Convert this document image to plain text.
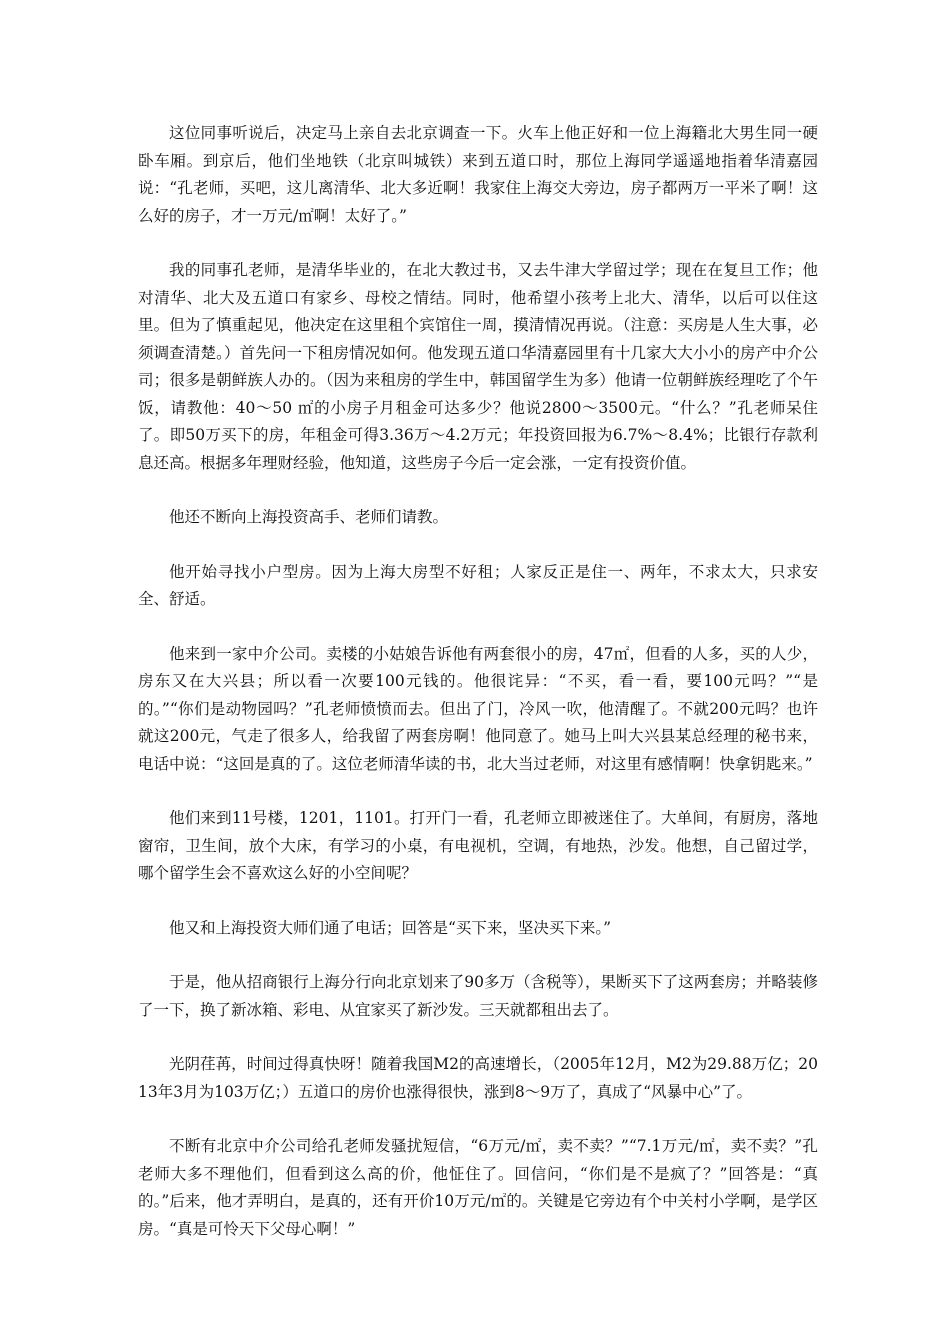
这位同事听说后，决定马上亲自去北京调查一下。火车上他正好和一位上海籍北大男生同一硬卧车厢。到京后，他们坐地铁（北京叫城铁）来到五道口时，那位上海同学遥遥地指着华清嘉园说：“孔老师，买吧，这儿离清华、北大多近啊！我家住上海交大旁边，房子都两万一平米了啊！这么好的房子，才一万元/㎡啊！太好了。”

我的同事孔老师，是清华毕业的，在北大教过书，又去牛津大学留过学；现在在复旦工作；他对清华、北大及五道口有家乡、母校之情结。同时，他希望小孩考上北大、清华，以后可以住这里。但为了慎重起见，他决定在这里租个宾馆住一周，摸清情况再说。（注意：买房是人生大事，必须调查清楚。）首先问一下租房情况如何。他发现五道口华清嘉园里有十几家大大小小的房产中介公司；很多是朝鲜族人办的。（因为来租房的学生中，韩国留学生为多）他请一位朝鲜族经理吃了个午饭，请教他：40～50 ㎡的小房子月租金可达多少？他说2800～3500元。“什么？”孔老师呆住了。即50万买下的房，年租金可得3.36万～4.2万元；年投资回报为6.7%～8.4%；比银行存款利息还高。根据多年理财经验，他知道，这些房子今后一定会涨，一定有投资价值。

他还不断向上海投资高手、老师们请教。

他开始寻找小户型房。因为上海大房型不好租；人家反正是住一、两年，不求太大，只求安全、舒适。

他来到一家中介公司。卖楼的小姑娘告诉他有两套很小的房，47㎡，但看的人多，买的人少，房东又在大兴县；所以看一次要100元钱的。他很诧异：“不买，看一看，要100元吗？”“是的。”“你们是动物园吗？”孔老师愤愤而去。但出了门，冷风一吹，他清醒了。不就200元吗？也许就这200元，气走了很多人，给我留了两套房啊！他同意了。她马上叫大兴县某总经理的秘书来，电话中说：“这回是真的了。这位老师清华读的书，北大当过老师，对这里有感情啊！快拿钥匙来。”

他们来到11号楼，1201，1101。打开门一看，孔老师立即被迷住了。大单间，有厨房，落地窗帘，卫生间，放个大床，有学习的小桌，有电视机，空调，有地热，沙发。他想，自己留过学，哪个留学生会不喜欢这么好的小空间呢？

他又和上海投资大师们通了电话；回答是“买下来，坚决买下来。”

于是，他从招商银行上海分行向北京划来了90多万（含税等），果断买下了这两套房；并略装修了一下，换了新冰箱、彩电、从宜家买了新沙发。三天就都租出去了。

光阴荏苒，时间过得真快呀！随着我国M2的高速增长，（2005年12月，M2为29.88万亿；2013年3月为103万亿；）五道口的房价也涨得很快，涨到8～9万了，真成了“风暴中心”了。

不断有北京中介公司给孔老师发骚扰短信，“6万元/㎡，卖不卖？”“7.1万元/㎡，卖不卖？”孔老师大多不理他们，但看到这么高的价，他怔住了。回信问，“你们是不是疯了？”回答是：“真的。”后来，他才弄明白，是真的，还有开价10万元/㎡的。关键是它旁边有个中关村小学啊，是学区房。“真是可怜天下父母心啊！”
